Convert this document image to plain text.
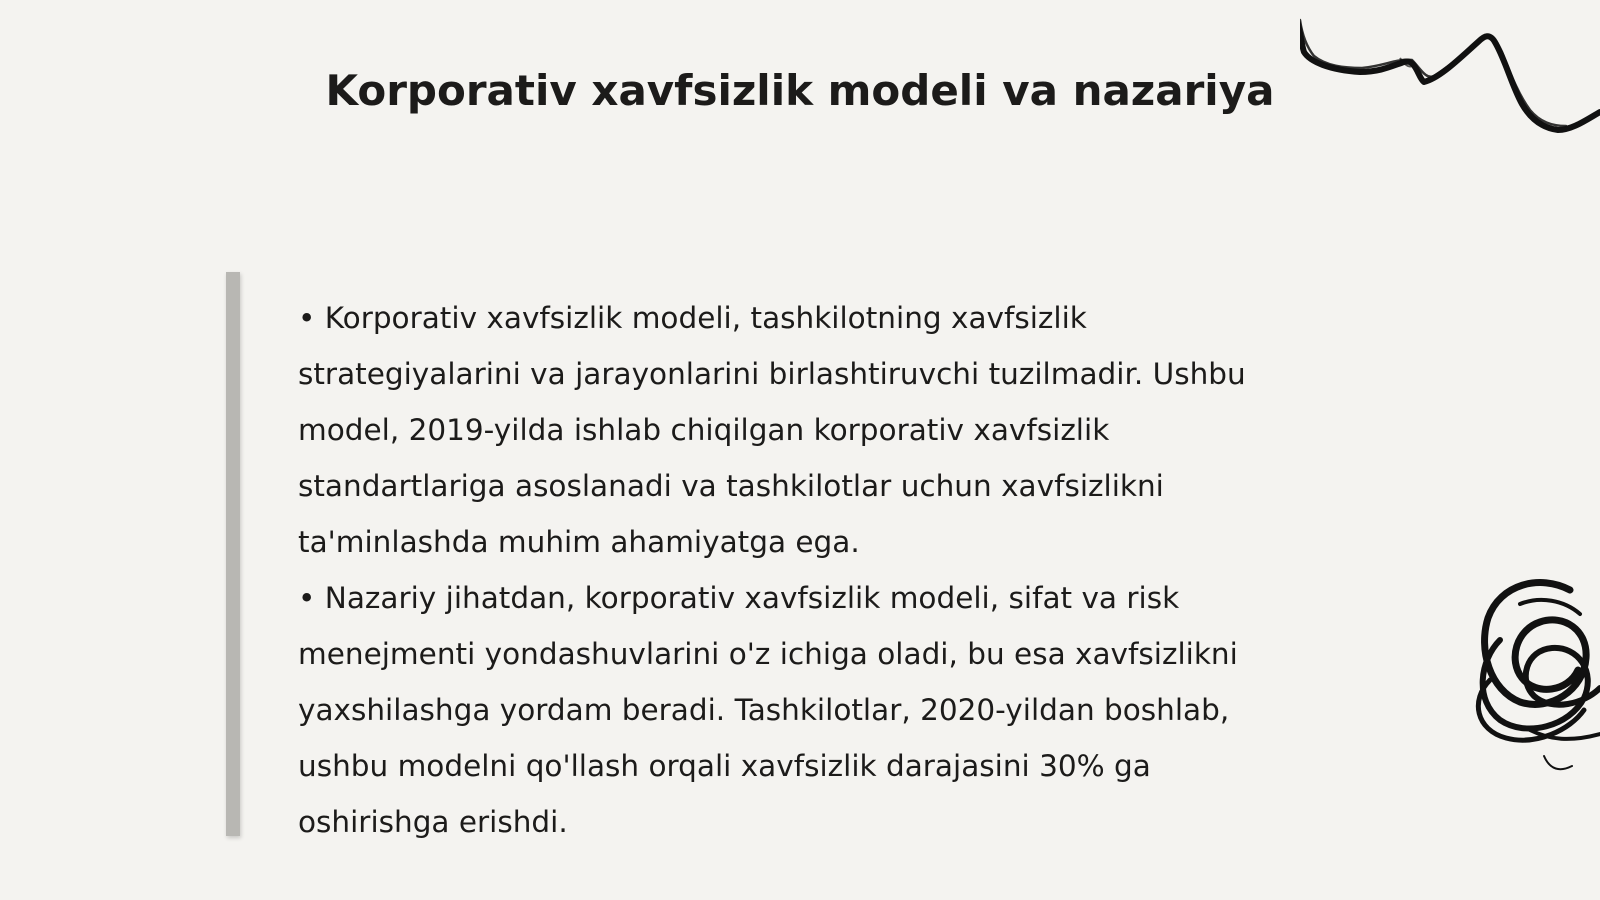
Korporativ xavfsizlik modeli va nazariya

• Korporativ xavfsizlik modeli, tashkilotning xavfsizlik strategiyalarini va jarayonlarini birlashtiruvchi tuzilmadir. Ushbu model, 2019-yilda ishlab chiqilgan korporativ xavfsizlik standartlariga asoslanadi va tashkilotlar uchun xavfsizlikni ta'minlashda muhim ahamiyatga ega.

• Nazariy jihatdan, korporativ xavfsizlik modeli, sifat va risk menejmenti yondashuvlarini o'z ichiga oladi, bu esa xavfsizlikni yaxshilashga yordam beradi. Tashkilotlar, 2020-yildan boshlab, ushbu modelni qo'llash orqali xavfsizlik darajasini 30% ga oshirishga erishdi.
